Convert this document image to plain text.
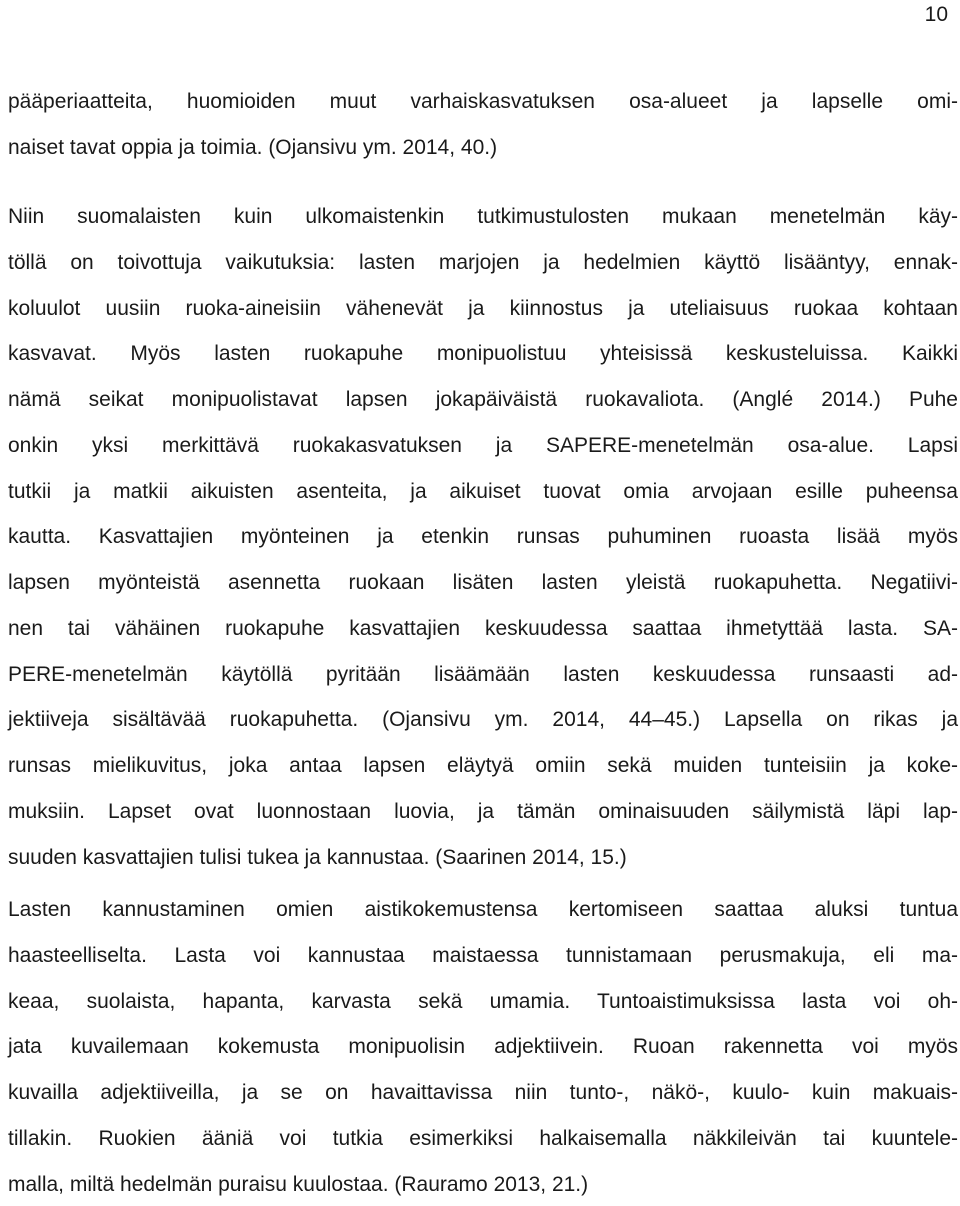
10
pääperiaatteita, huomioiden muut varhaiskasvatuksen osa-alueet ja lapselle omi-
naiset tavat oppia ja toimia. (Ojansivu ym. 2014, 40.)
Niin suomalaisten kuin ulkomaistenkin tutkimustulosten mukaan menetelmän käy-
töllä on toivottuja vaikutuksia: lasten marjojen ja hedelmien käyttö lisääntyy, ennak-
koluulot uusiin ruoka-aineisiin vähenevät ja kiinnostus ja uteliaisuus ruokaa kohtaan
kasvavat. Myös lasten ruokapuhe monipuolistuu yhteisissä keskusteluissa. Kaikki
nämä seikat monipuolistavat lapsen jokapäiväistä ruokavaliota. (Anglé 2014.) Puhe
onkin yksi merkittävä ruokakasvatuksen ja SAPERE-menetelmän osa-alue. Lapsi
tutkii ja matkii aikuisten asenteita, ja aikuiset tuovat omia arvojaan esille puheensa
kautta. Kasvattajien myönteinen ja etenkin runsas puhuminen ruoasta lisää myös
lapsen myönteistä asennetta ruokaan lisäten lasten yleistä ruokapuhetta. Negatiivi-
nen tai vähäinen ruokapuhe kasvattajien keskuudessa saattaa ihmetyttää lasta. SA-
PERE-menetelmän käytöllä pyritään lisäämään lasten keskuudessa runsaasti ad-
jektiiveja sisältävää ruokapuhetta. (Ojansivu ym. 2014, 44–45.) Lapsella on rikas ja
runsas mielikuvitus, joka antaa lapsen eläytyä omiin sekä muiden tunteisiin ja koke-
muksiin. Lapset ovat luonnostaan luovia, ja tämän ominaisuuden säilymistä läpi lap-
suuden kasvattajien tulisi tukea ja kannustaa. (Saarinen 2014, 15.)
Lasten kannustaminen omien aistikokemustensa kertomiseen saattaa aluksi tuntua
haasteelliselta. Lasta voi kannustaa maistaessa tunnistamaan perusmakuja, eli ma-
keaa, suolaista, hapanta, karvasta sekä umamia. Tuntoaistimuksissa lasta voi oh-
jata kuvailemaan kokemusta monipuolisin adjektiivein. Ruoan rakennetta voi myös
kuvailla adjektiiveilla, ja se on havaittavissa niin tunto-, näkö-, kuulo- kuin makuais-
tillakin. Ruokien ääniä voi tutkia esimerkiksi halkaisemalla näkkileivän tai kuuntele-
malla, miltä hedelmän puraisu kuulostaa. (Rauramo 2013, 21.)
